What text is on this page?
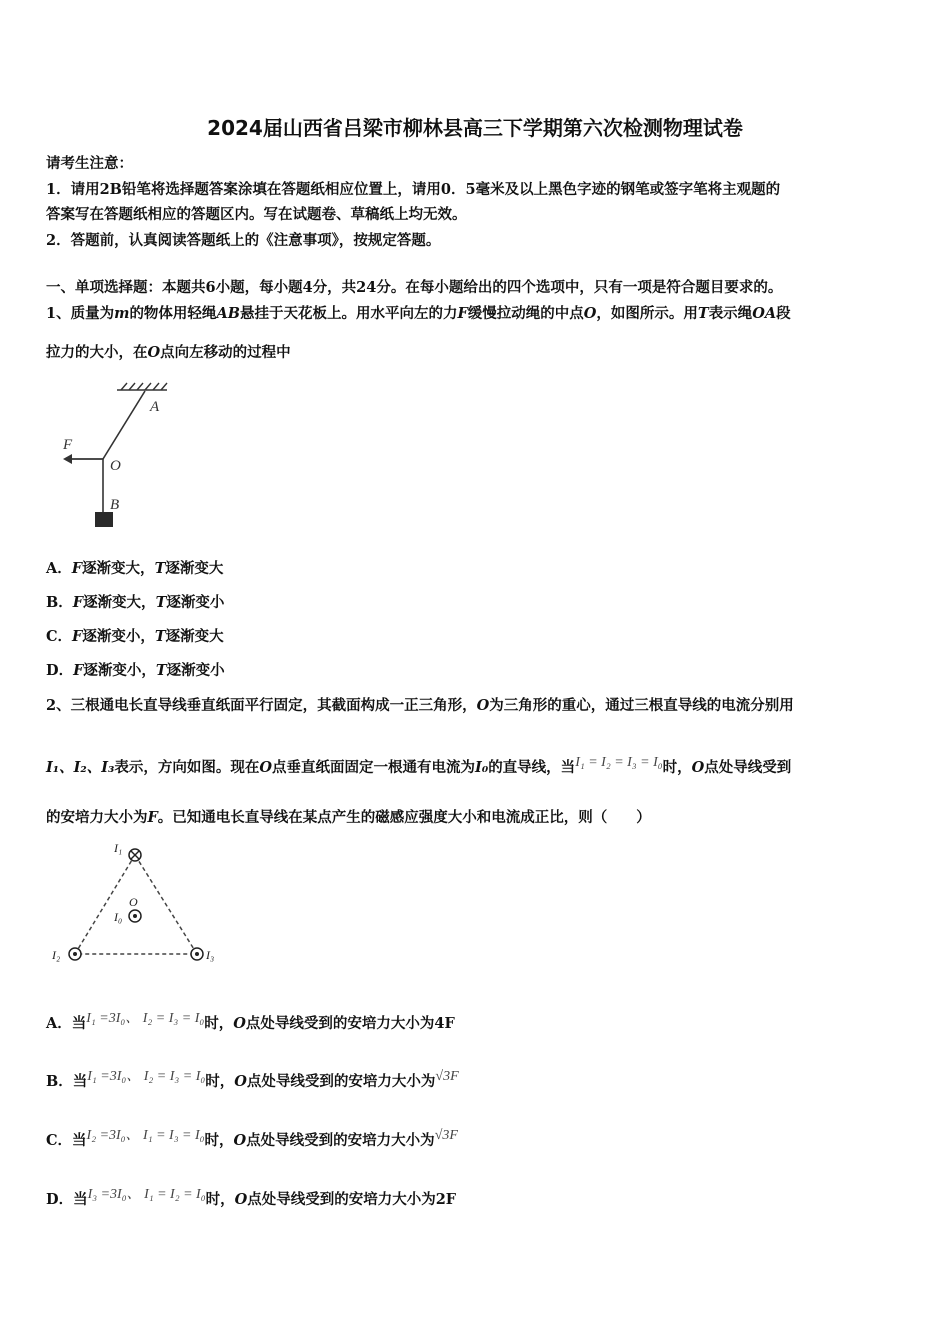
2024届山西省吕梁市柳林县高三下学期第六次检测物理试卷
请考生注意：
1．请用2B铅笔将选择题答案涂填在答题纸相应位置上，请用0．5毫米及以上黑色字迹的钢笔或签字笔将主观题的
答案写在答题纸相应的答题区内。写在试题卷、草稿纸上均无效。
2．答题前，认真阅读答题纸上的《注意事项》，按规定答题。
一、单项选择题：本题共6小题，每小题4分，共24分。在每小题给出的四个选项中，只有一项是符合题目要求的。
1、质量为m的物体用轻绳AB悬挂于天花板上。用水平向左的力F缓慢拉动绳的中点O，如图所示。用T表示绳OA段
拉力的大小，在O点向左移动的过程中
A
F
O
B
A．F逐渐变大，T逐渐变大
B．F逐渐变大，T逐渐变小
C．F逐渐变小，T逐渐变大
D．F逐渐变小，T逐渐变小
2、三根通电长直导线垂直纸面平行固定，其截面构成一正三角形，O为三角形的重心，通过三根直导线的电流分别用
I₁、I₂、I₃表示，方向如图。现在O点垂直纸面固定一根通有电流为I₀的直导线，当I₁ = I₂ = I₃ = I₀时，O点处导线受到
的安培力大小为F。已知通电长直导线在某点产生的磁感应强度大小和电流成正比，则（　　）
I₁
I₂	I₃
O
I₀
A．当I₁ =3I₀、 I₂ = I₃ = I₀时，O点处导线受到的安培力大小为4F
B．当I₁ =3I₀、 I₂ = I₃ = I₀时，O点处导线受到的安培力大小为√3F
C．当I₂ =3I₀、 I₁ = I₃ = I₀时，O点处导线受到的安培力大小为√3F
D．当I₃ =3I₀、 I₁ = I₂ = I₀时，O点处导线受到的安培力大小为2F
